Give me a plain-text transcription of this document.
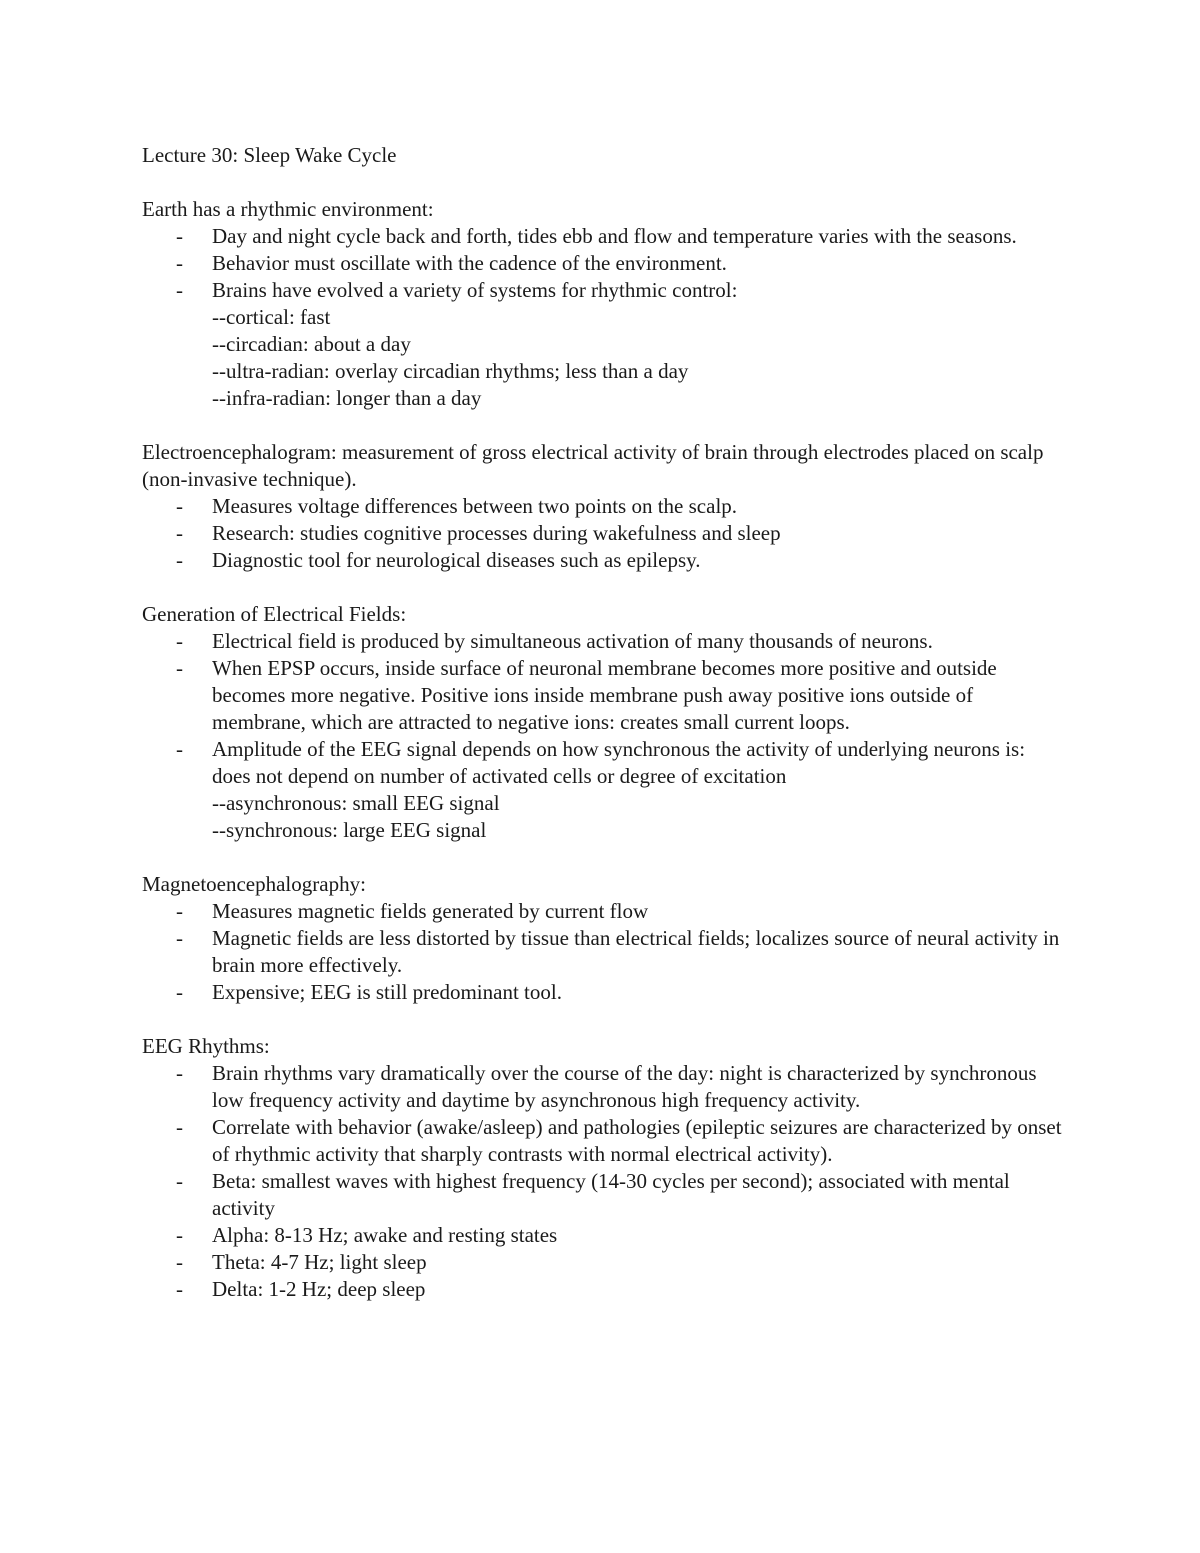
Lecture 30: Sleep Wake Cycle
Earth has a rhythmic environment:
- Day and night cycle back and forth, tides ebb and flow and temperature varies with the seasons.
- Behavior must oscillate with the cadence of the environment.
- Brains have evolved a variety of systems for rhythmic control:
--cortical: fast
--circadian: about a day
--ultra-radian: overlay circadian rhythms; less than a day
--infra-radian: longer than a day
Electroencephalogram: measurement of gross electrical activity of brain through electrodes placed on scalp (non-invasive technique).
- Measures voltage differences between two points on the scalp.
- Research: studies cognitive processes during wakefulness and sleep
- Diagnostic tool for neurological diseases such as epilepsy.
Generation of Electrical Fields:
- Electrical field is produced by simultaneous activation of many thousands of neurons.
- When EPSP occurs, inside surface of neuronal membrane becomes more positive and outside becomes more negative. Positive ions inside membrane push away positive ions outside of membrane, which are attracted to negative ions: creates small current loops.
- Amplitude of the EEG signal depends on how synchronous the activity of underlying neurons is: does not depend on number of activated cells or degree of excitation
--asynchronous: small EEG signal
--synchronous: large EEG signal
Magnetoencephalography:
- Measures magnetic fields generated by current flow
- Magnetic fields are less distorted by tissue than electrical fields; localizes source of neural activity in brain more effectively.
- Expensive; EEG is still predominant tool.
EEG Rhythms:
- Brain rhythms vary dramatically over the course of the day: night is characterized by synchronous low frequency activity and daytime by asynchronous high frequency activity.
- Correlate with behavior (awake/asleep) and pathologies (epileptic seizures are characterized by onset of rhythmic activity that sharply contrasts with normal electrical activity).
- Beta: smallest waves with highest frequency (14-30 cycles per second); associated with mental activity
- Alpha: 8-13 Hz; awake and resting states
- Theta: 4-7 Hz; light sleep
- Delta: 1-2 Hz; deep sleep
